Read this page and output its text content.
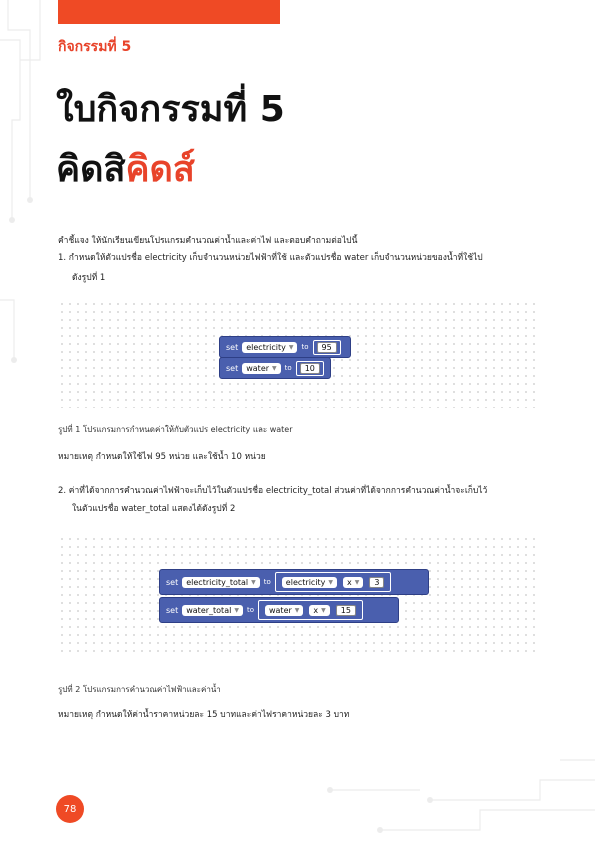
กิจกรรมที่ 5
ใบกิจกรรมที่ 5
คิดสิคิดส์
คำชี้แจง ให้นักเรียนเขียนโปรแกรมคำนวณค่าน้ำและค่าไฟ และตอบคำถามต่อไปนี้
1. กำหนดให้ตัวแปรชื่อ electricity เก็บจำนวนหน่วยไฟฟ้าที่ใช้ และตัวแปรชื่อ water เก็บจำนวนหน่วยของน้ำที่ใช้ไป
ดังรูปที่ 1
set electricity ▼ to	95
set water ▼ to	10
รูปที่ 1 โปรแกรมการกำหนดค่าให้กับตัวแปร electricity และ water
หมายเหตุ กำหนดให้ใช้ไฟ 95 หน่วย และใช้น้ำ 10 หน่วย
2. ค่าที่ได้จากการคำนวณค่าไฟฟ้าจะเก็บไว้ในตัวแปรชื่อ electricity_total ส่วนค่าที่ได้จากการคำนวณค่าน้ำจะเก็บไว้
ในตัวแปรชื่อ water_total แสดงได้ดังรูปที่ 2
set electricity_total ▼ to electricity ▼ x ▼	3
set water_total ▼ to water ▼ x ▼	15
รูปที่ 2 โปรแกรมการคำนวณค่าไฟฟ้าและค่าน้ำ
หมายเหตุ กำหนดให้ค่าน้ำราคาหน่วยละ 15 บาทและค่าไฟราคาหน่วยละ 3 บาท
78
